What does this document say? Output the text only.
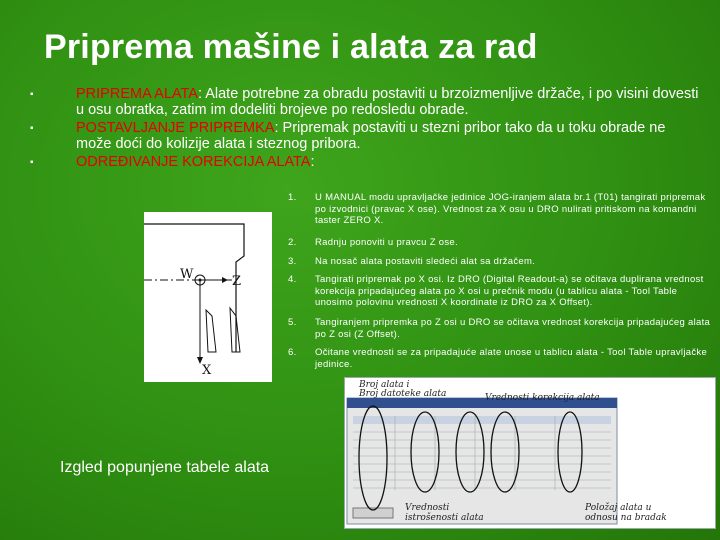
Priprema mašine i alata za rad
▪	PRIPREMA ALATA: Alate potrebne za obradu postaviti u brzoizmenljive držače, i po visini dovesti u osu obratka, zatim im dodeliti brojeve po redosledu obrade.
▪	POSTAVLJANJE PRIPREMKA: Pripremak postaviti u stezni pribor tako da u toku obrade ne može doći do kolizije alata i steznog pribora.
▪	ODREĐIVANJE KOREKCIJA ALATA:
1. U MANUAL modu upravljačke jedinice JOG-iranjem alata br.1 (T01) tangirati pripremak po izvodnici (pravac X ose). Vrednost za X osu u DRO nulirati pritiskom na komandni taster ZERO X.
2. Radnju ponoviti u pravcu Z ose.
3. Na nosač alata postaviti sledeći alat sa držačem.
4. Tangirati pripremak po X osi. Iz DRO (Digital Readout-a) se očitava duplirana vrednost korekcija pripadajućeg alata po X osi u prečnik modu (u tablicu alata - Tool Table unosimo polovinu vrednosti X koordinate iz DRO za X Offset).
5. Tangiranjem pripremka po Z osi u DRO se očitava vrednost korekcija pripadajućeg alata po Z osi (Z Offset).
6. Očitane vrednosti se za pripadajuće alate unose u tablicu alata - Tool Table upravljačke jedinice.
W	Z
X
Broj alata i
Broj datoteke alata	Vrednosti korekcija alata
Vrednosti
istrošenosti alata
Položaj alata u
odnosu na bradak
Izgled popunjene tabele alata
